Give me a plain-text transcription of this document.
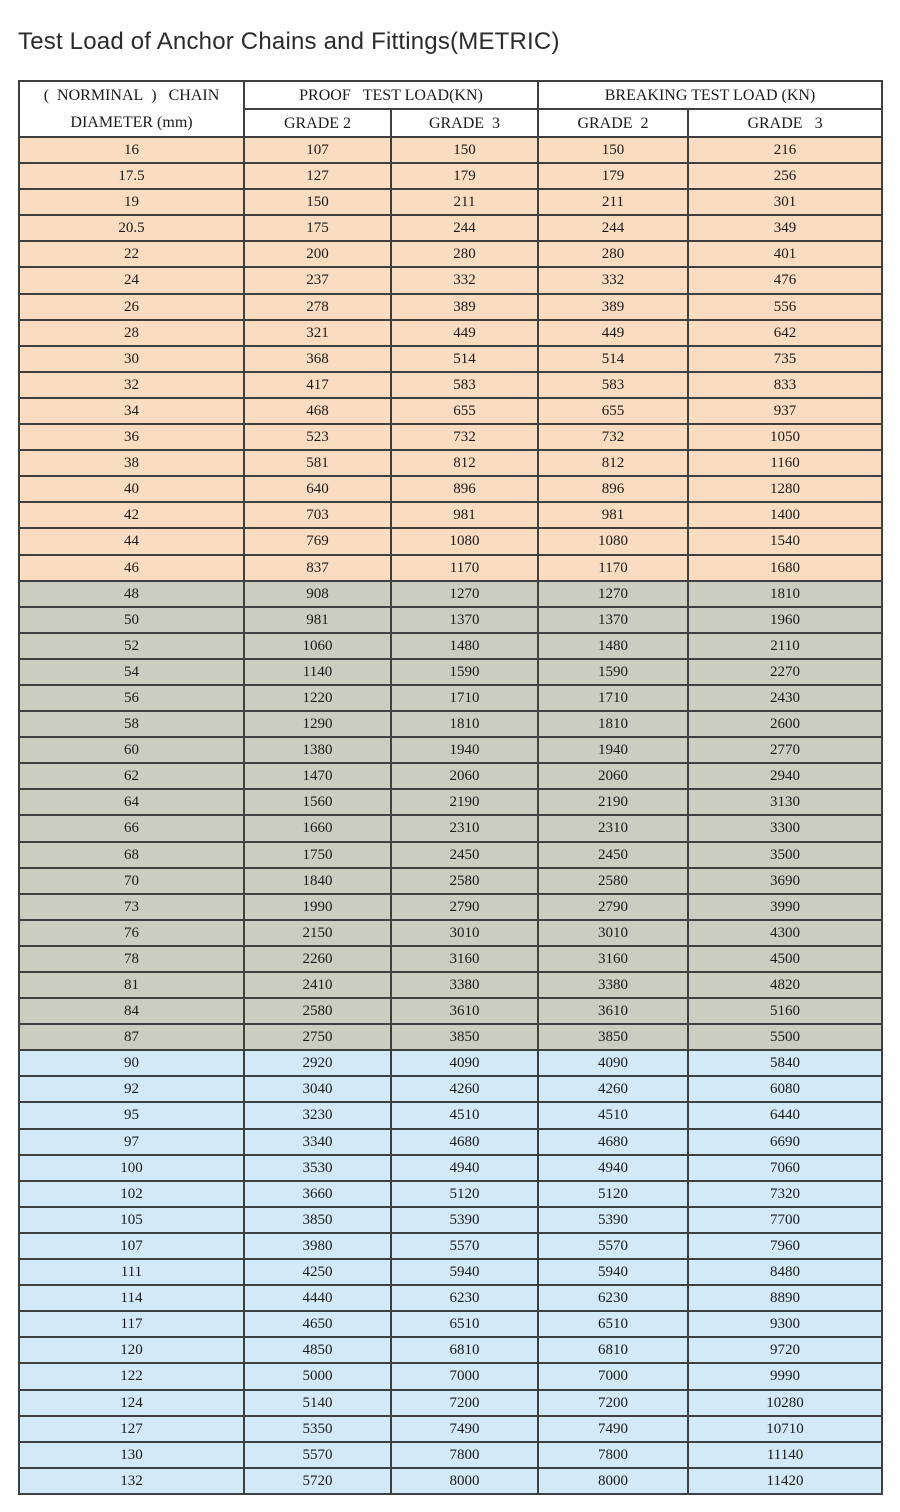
Test Load of Anchor Chains and Fittings(METRIC)
(  NORMINAL  )   CHAIN
DIAMETER (mm)	PROOF   TEST LOAD(KN)		BREAKING TEST LOAD (KN)	
	GRADE 2	GRADE  3	GRADE  2	GRADE   3
16	107	150	150	216
17.5	127	179	179	256
19	150	211	211	301
20.5	175	244	244	349
22	200	280	280	401
24	237	332	332	476
26	278	389	389	556
28	321	449	449	642
30	368	514	514	735
32	417	583	583	833
34	468	655	655	937
36	523	732	732	1050
38	581	812	812	1160
40	640	896	896	1280
42	703	981	981	1400
44	769	1080	1080	1540
46	837	1170	1170	1680
48	908	1270	1270	1810
50	981	1370	1370	1960
52	1060	1480	1480	2110
54	1140	1590	1590	2270
56	1220	1710	1710	2430
58	1290	1810	1810	2600
60	1380	1940	1940	2770
62	1470	2060	2060	2940
64	1560	2190	2190	3130
66	1660	2310	2310	3300
68	1750	2450	2450	3500
70	1840	2580	2580	3690
73	1990	2790	2790	3990
76	2150	3010	3010	4300
78	2260	3160	3160	4500
81	2410	3380	3380	4820
84	2580	3610	3610	5160
87	2750	3850	3850	5500
90	2920	4090	4090	5840
92	3040	4260	4260	6080
95	3230	4510	4510	6440
97	3340	4680	4680	6690
100	3530	4940	4940	7060
102	3660	5120	5120	7320
105	3850	5390	5390	7700
107	3980	5570	5570	7960
111	4250	5940	5940	8480
114	4440	6230	6230	8890
117	4650	6510	6510	9300
120	4850	6810	6810	9720
122	5000	7000	7000	9990
124	5140	7200	7200	10280
127	5350	7490	7490	10710
130	5570	7800	7800	11140
132	5720	8000	8000	11420
